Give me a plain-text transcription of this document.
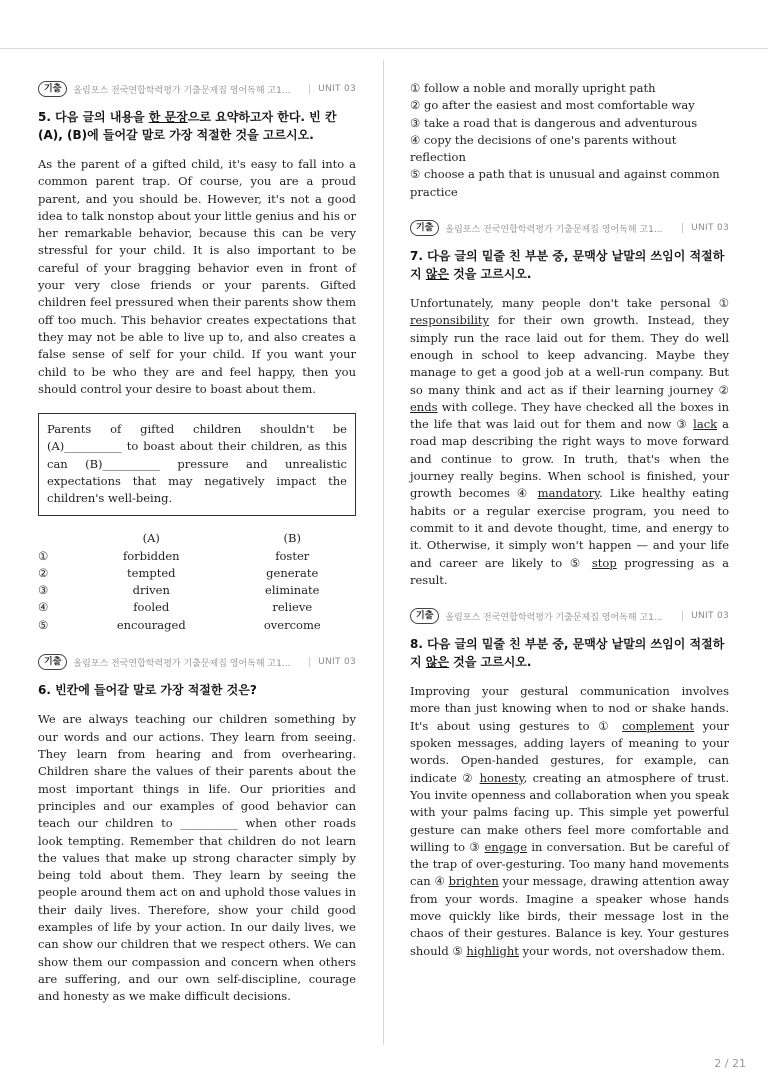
기출	올림포스 전국연합학력평가 기출문제집 영어독해 고1...	UNIT 03
5. 다음 글의 내용을 한 문장으로 요약하고자 한다. 빈 칸 (A), (B)에 들어갈 말로 가장 적절한 것을 고르시오.
As the parent of a gifted child, it's easy to fall into a common parent trap. Of course, you are a proud parent, and you should be. However, it's not a good idea to talk nonstop about your little genius and his or her remarkable behavior, because this can be very stressful for your child. It is also important to be careful of your bragging behavior even in front of your very close friends or your parents. Gifted children feel pressured when their parents show them off too much. This behavior creates expectations that they may not be able to live up to, and also creates a false sense of self for your child. If you want your child to be who they are and feel happy, then you should control your desire to boast about them.
Parents of gifted children shouldn't be (A)__________ to boast about their children, as this can (B)__________ pressure and unrealistic expectations that may negatively impact the children's well-being.
	(A)	(B)
①	forbidden	foster
②	tempted	generate
③	driven	eliminate
④	fooled	relieve
⑤	encouraged	overcome
기출	올림포스 전국연합학력평가 기출문제집 영어독해 고1...	UNIT 03
6. 빈칸에 들어갈 말로 가장 적절한 것은?
We are always teaching our children something by our words and our actions. They learn from seeing. They learn from hearing and from overhearing. Children share the values of their parents about the most important things in life. Our priorities and principles and our examples of good behavior can teach our children to __________ when other roads look tempting. Remember that children do not learn the values that make up strong character simply by being told about them. They learn by seeing the people around them act on and uphold those values in their daily lives. Therefore, show your child good examples of life by your action. In our daily lives, we can show our children that we respect others. We can show them our compassion and concern when others are suffering, and our own self-discipline, courage and honesty as we make difficult decisions.
① follow a noble and morally upright path
② go after the easiest and most comfortable way
③ take a road that is dangerous and adventurous
④ copy the decisions of one's parents without reflection
⑤ choose a path that is unusual and against common practice
기출	올림포스 전국연합학력평가 기출문제집 영어독해 고1...	UNIT 03
7. 다음 글의 밑줄 친 부분 중, 문맥상 낱말의 쓰임이 적절하지 않은 것을 고르시오.
Unfortunately, many people don't take personal ① responsibility for their own growth. Instead, they simply run the race laid out for them. They do well enough in school to keep advancing. Maybe they manage to get a good job at a well-run company. But so many think and act as if their learning journey ② ends with college. They have checked all the boxes in the life that was laid out for them and now ③ lack a road map describing the right ways to move forward and continue to grow. In truth, that's when the journey really begins. When school is finished, your growth becomes ④ mandatory. Like healthy eating habits or a regular exercise program, you need to commit to it and devote thought, time, and energy to it. Otherwise, it simply won't happen — and your life and career are likely to ⑤ stop progressing as a result.
기출	올림포스 전국연합학력평가 기출문제집 영어독해 고1...	UNIT 03
8. 다음 글의 밑줄 친 부분 중, 문맥상 낱말의 쓰임이 적절하지 않은 것을 고르시오.
Improving your gestural communication involves more than just knowing when to nod or shake hands. It's about using gestures to ① complement your spoken messages, adding layers of meaning to your words. Open-handed gestures, for example, can indicate ② honesty, creating an atmosphere of trust. You invite openness and collaboration when you speak with your palms facing up. This simple yet powerful gesture can make others feel more comfortable and willing to ③ engage in conversation. But be careful of the trap of over-gesturing. Too many hand movements can ④ brighten your message, drawing attention away from your words. Imagine a speaker whose hands move quickly like birds, their message lost in the chaos of their gestures. Balance is key. Your gestures should ⑤ highlight your words, not overshadow them.
2 / 21
